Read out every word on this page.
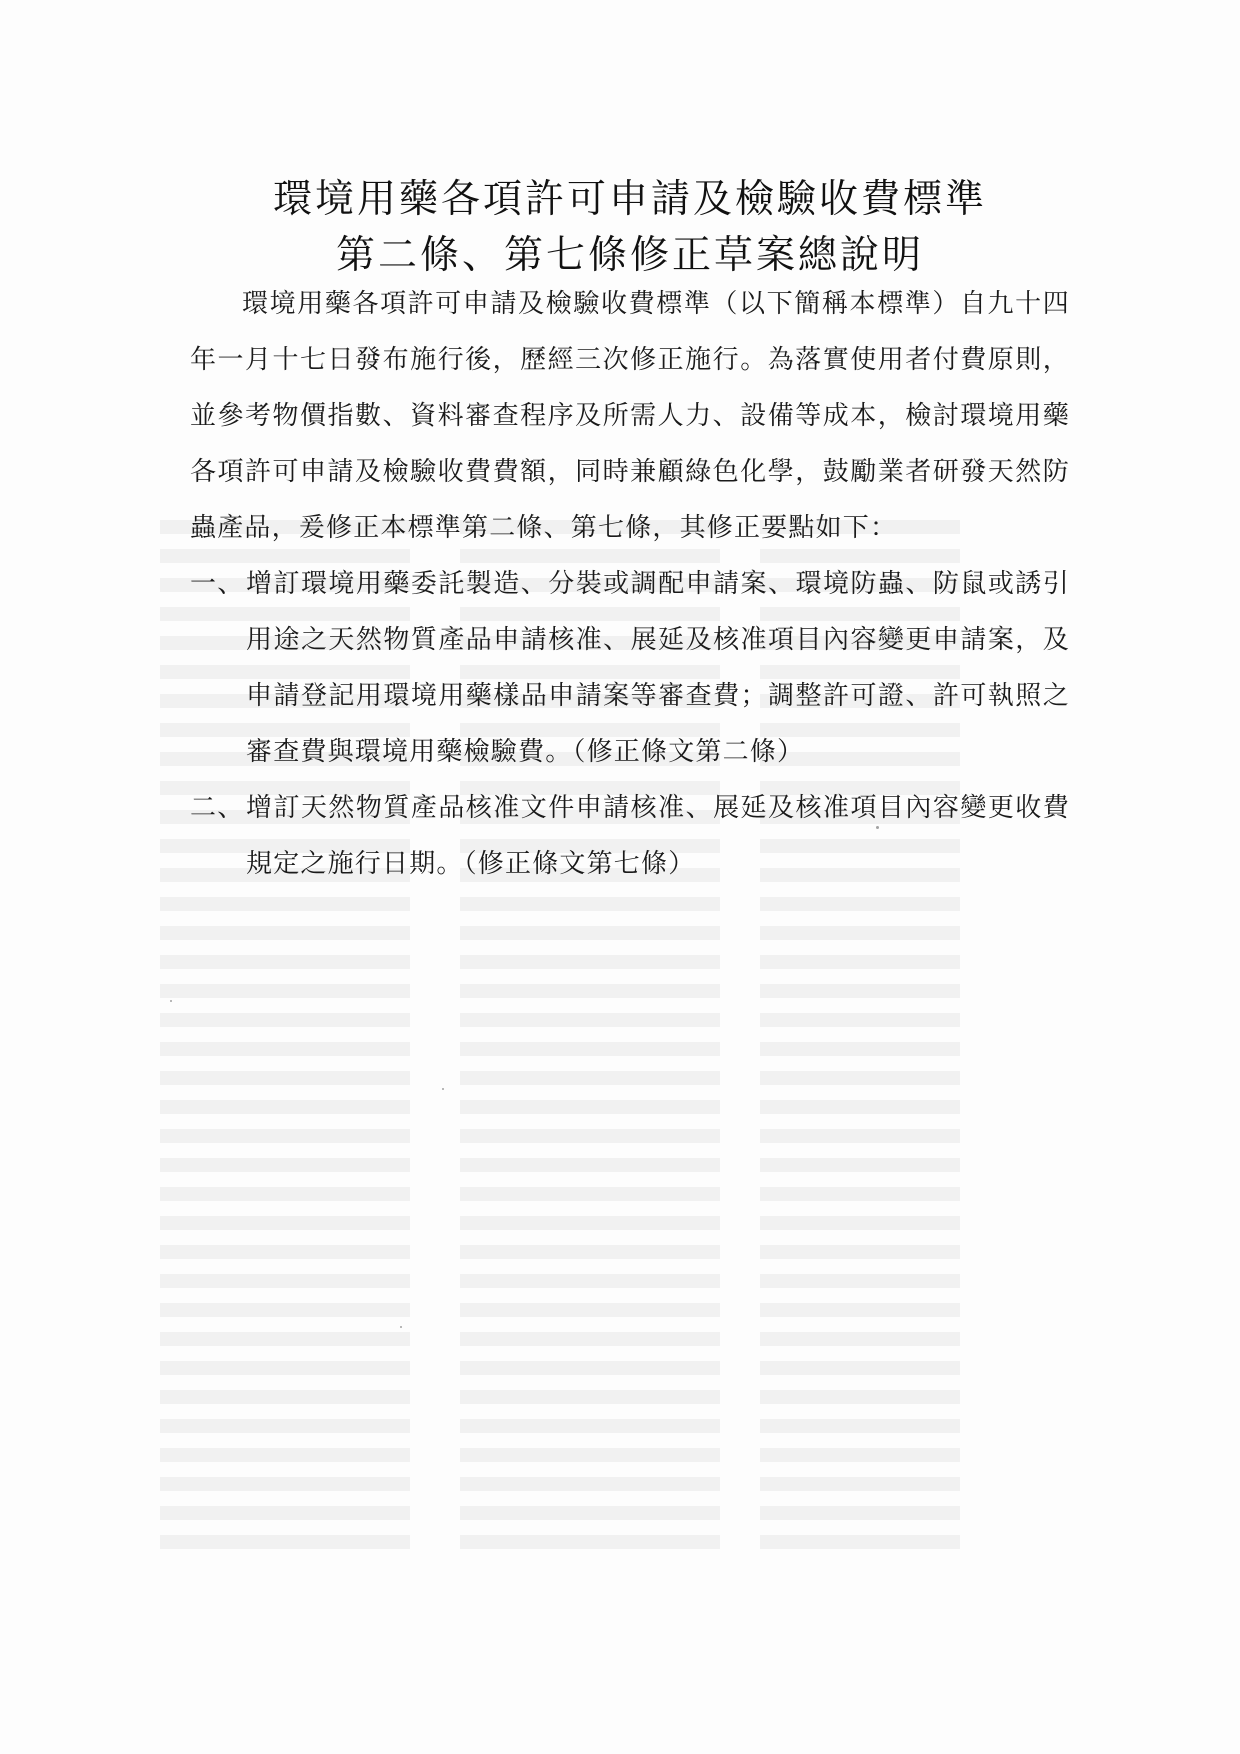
環境用藥各項許可申請及檢驗收費標準
第二條、第七條修正草案總說明

環境用藥各項許可申請及檢驗收費標準（以下簡稱本標準）自九十四年一月十七日發布施行後，歷經三次修正施行。為落實使用者付費原則，並參考物價指數、資料審查程序及所需人力、設備等成本，檢討環境用藥各項許可申請及檢驗收費費額，同時兼顧綠色化學，鼓勵業者研發天然防蟲產品，爰修正本標準第二條、第七條，其修正要點如下：

一、 增訂環境用藥委託製造、分裝或調配申請案、環境防蟲、防鼠或誘引用途之天然物質產品申請核准、展延及核准項目內容變更申請案，及申請登記用環境用藥樣品申請案等審查費；調整許可證、許可執照之審查費與環境用藥檢驗費。（修正條文第二條）
二、 增訂天然物質產品核准文件申請核准、展延及核准項目內容變更收費規定之施行日期。（修正條文第七條）
